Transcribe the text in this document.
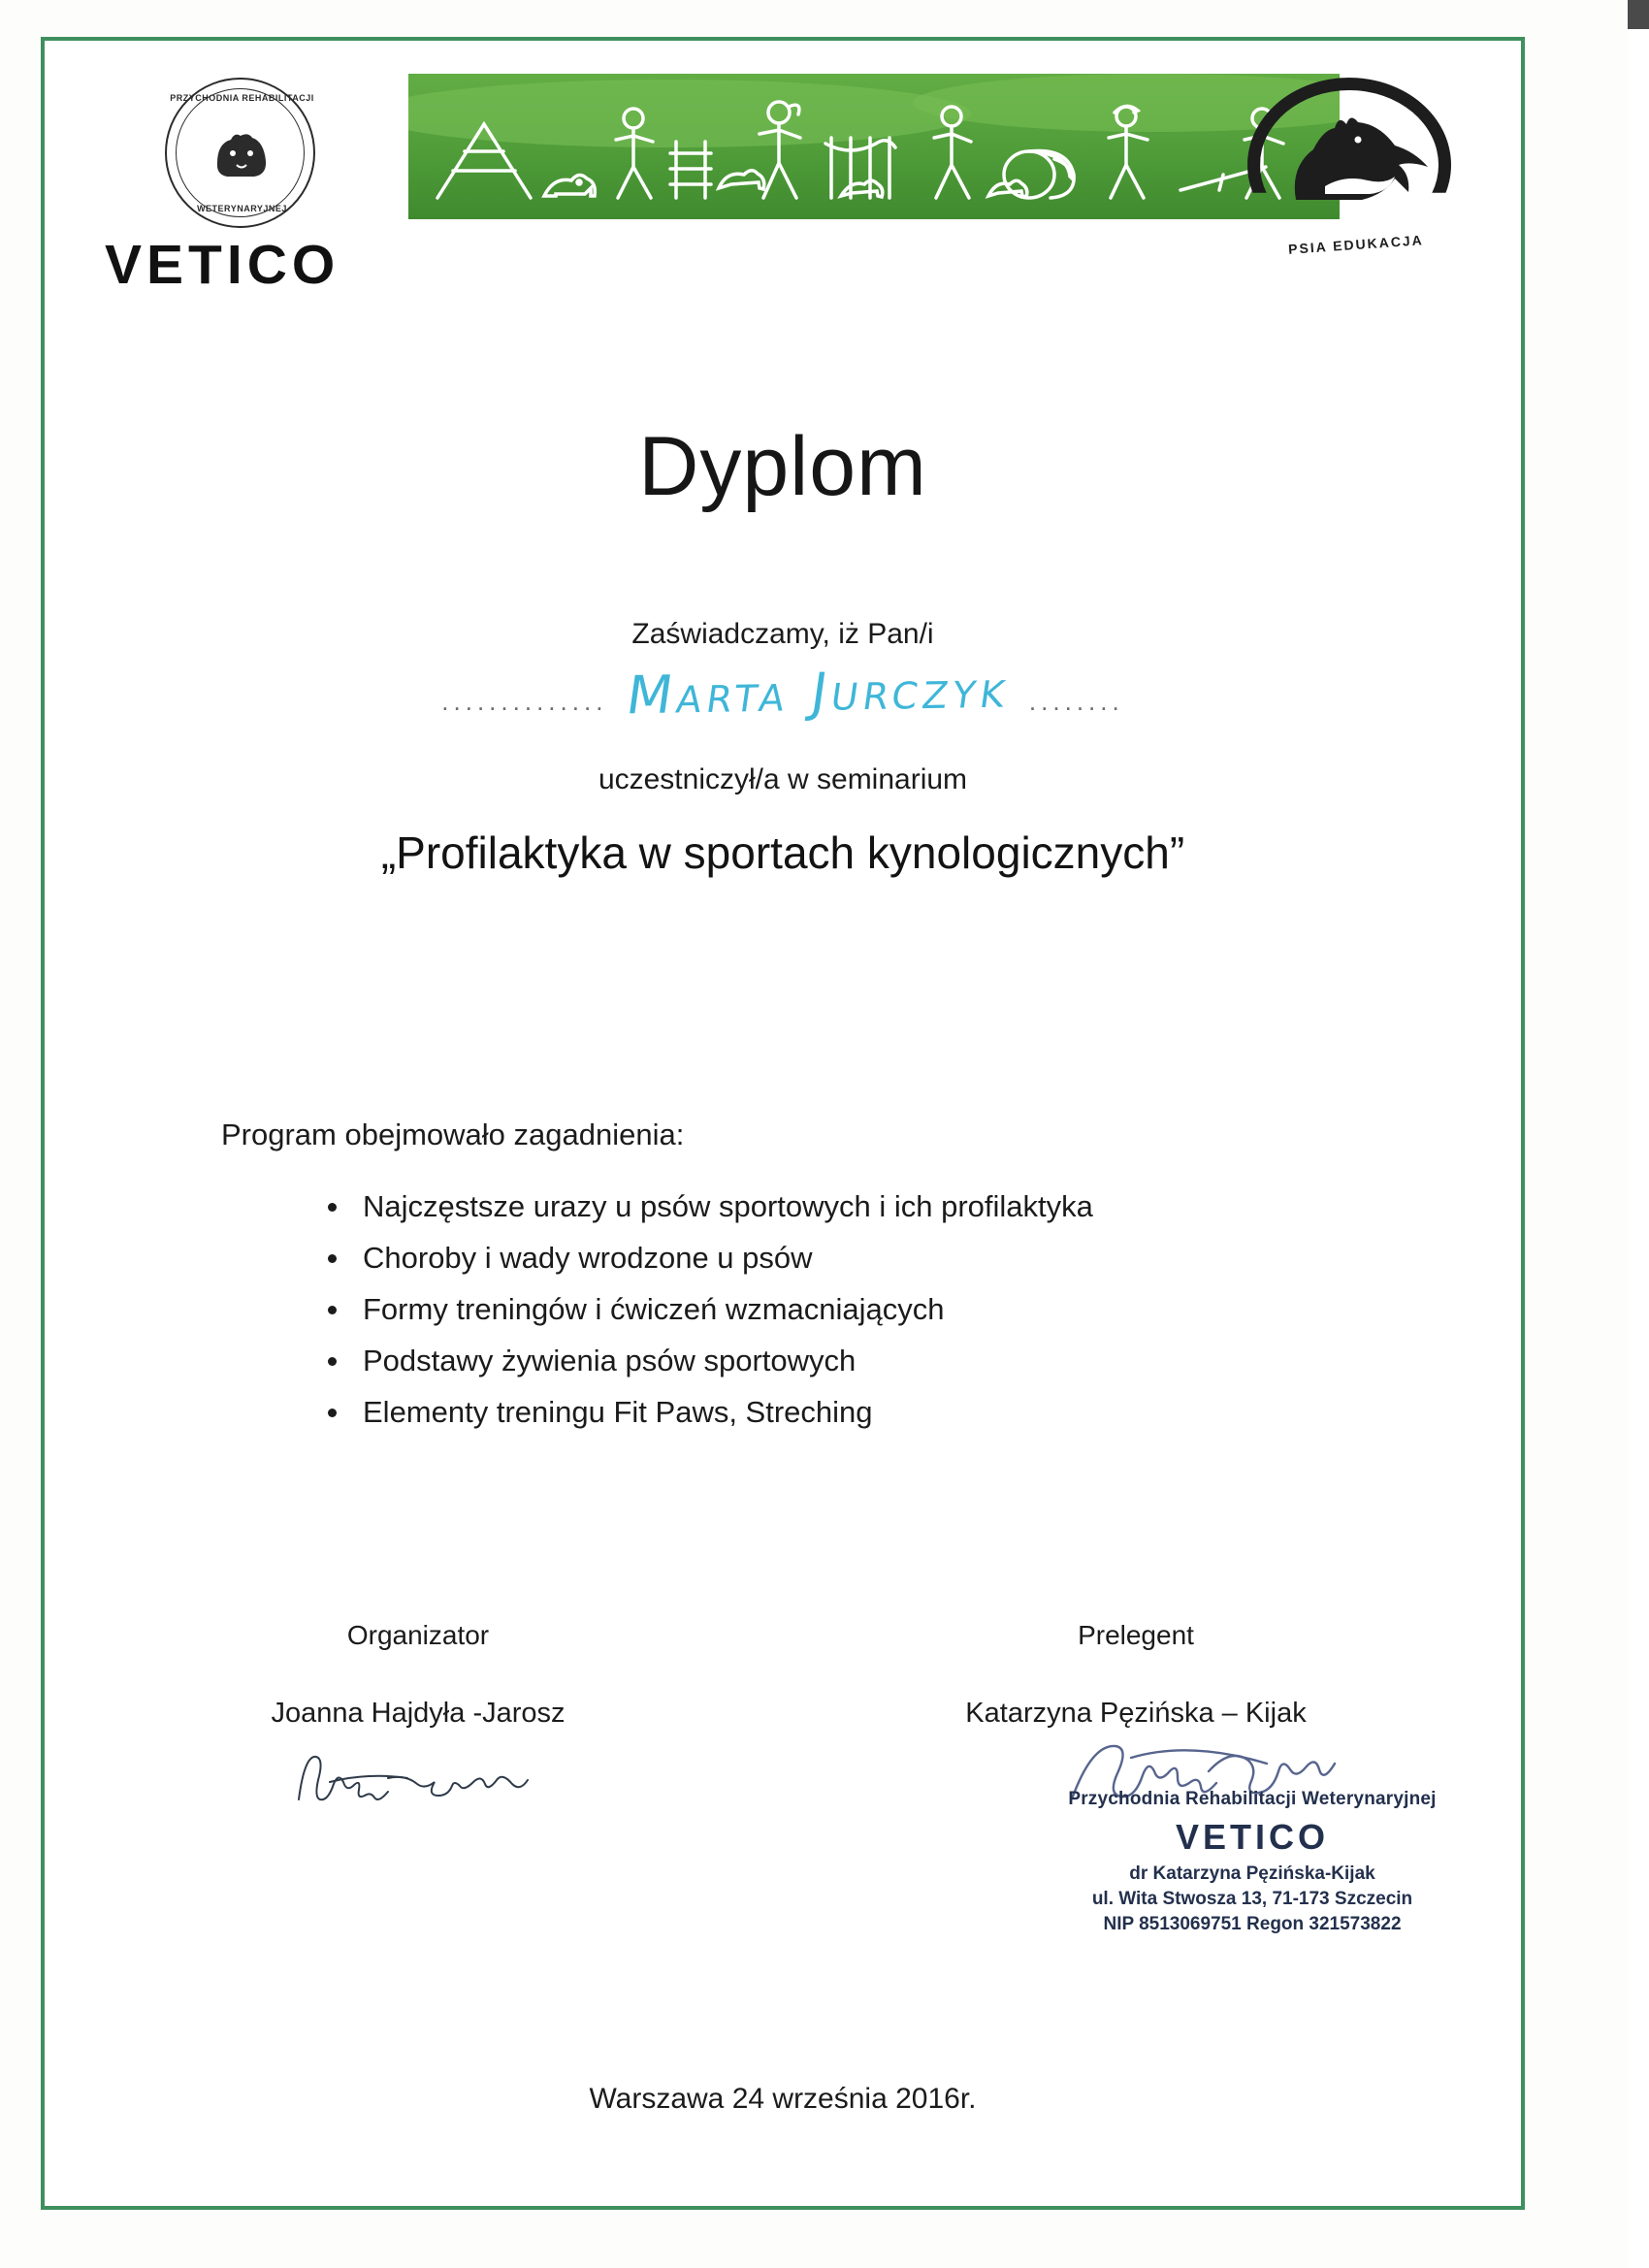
PRZYCHODNIA REHABILITACJI
WETERYNARYJNEJ
VETICO	PSIA EDUKACJA
Dyplom
Zaświadczamy, iż Pan/i
.............. Marta Jurczyk ........
uczestniczył/a w seminarium
„Profilaktyka w sportach kynologicznych”
Program obejmowało zagadnienia:
Najczęstsze urazy u psów sportowych i ich profilaktyka
Choroby i wady wrodzone u psów
Formy treningów i ćwiczeń wzmacniających
Podstawy żywienia psów sportowych
Elementy treningu Fit Paws, Streching
Organizator
Joanna Hajdyła -Jarosz
Prelegent
Katarzyna Pęzińska – Kijak
Przychodnia Rehabilitacji Weterynaryjnej
VETICO
dr Katarzyna Pęzińska-Kijak
ul. Wita Stwosza 13, 71-173 Szczecin
NIP 8513069751 Regon 321573822
Warszawa 24 września 2016r.
